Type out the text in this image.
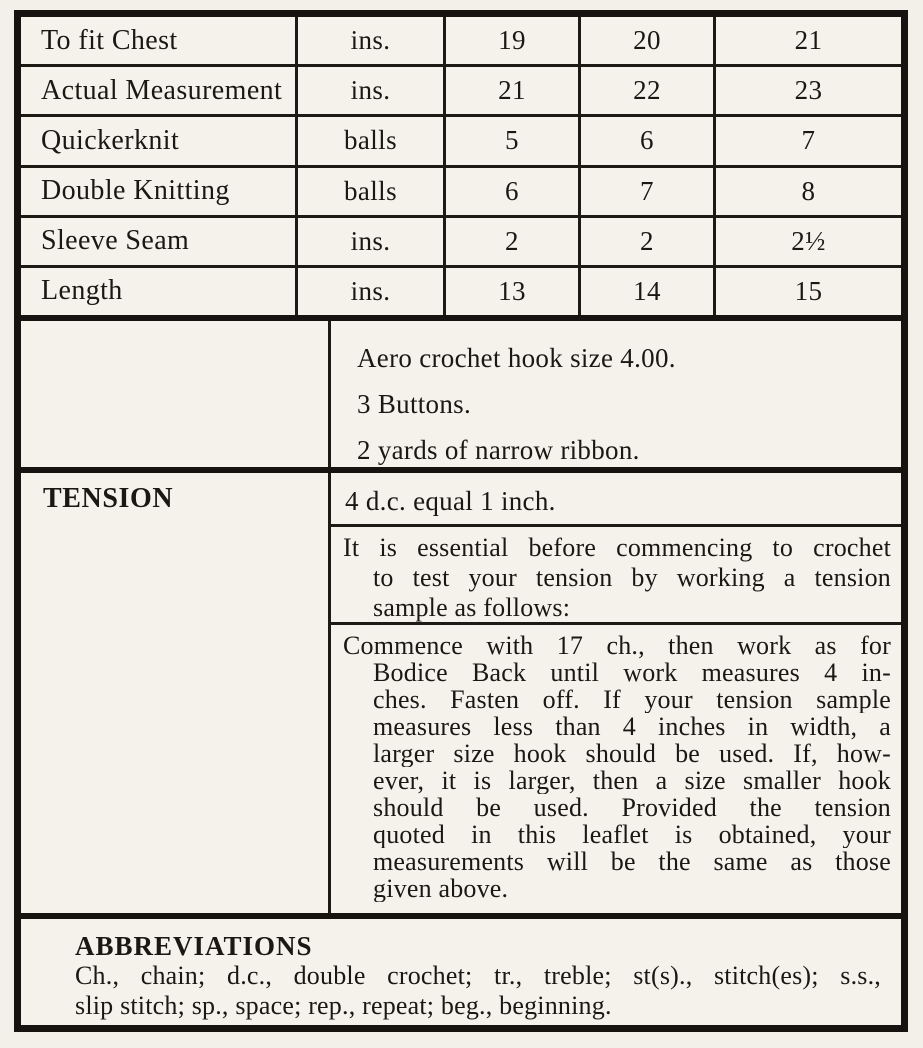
To fit Chest	ins.	19	20	21
Actual Measurement	ins.	21	22	23
Quickerknit	balls	5	6	7
Double Knitting	balls	6	7	8
Sleeve Seam	ins.	2	2	2½
Length	ins.	13	14	15

Aero crochet hook size 4.00.

3 Buttons.

2 yards of narrow ribbon.

TENSION	4 d.c. equal 1 inch.
It is essential before commencing to crochet
to test your tension by working a tension
sample as follows:
Commence with 17 ch., then work as for
Bodice Back until work measures 4 in-
ches. Fasten off. If your tension sample
measures less than 4 inches in width, a
larger size hook should be used. If, how-
ever, it is larger, then a size smaller hook
should be used. Provided the tension
quoted in this leaflet is obtained, your
measurements will be the same as those
given above.
ABBREVIATIONS
Ch., chain; d.c., double crochet; tr., treble; st(s)., stitch(es); s.s.,
slip stitch; sp., space; rep., repeat; beg., beginning.
